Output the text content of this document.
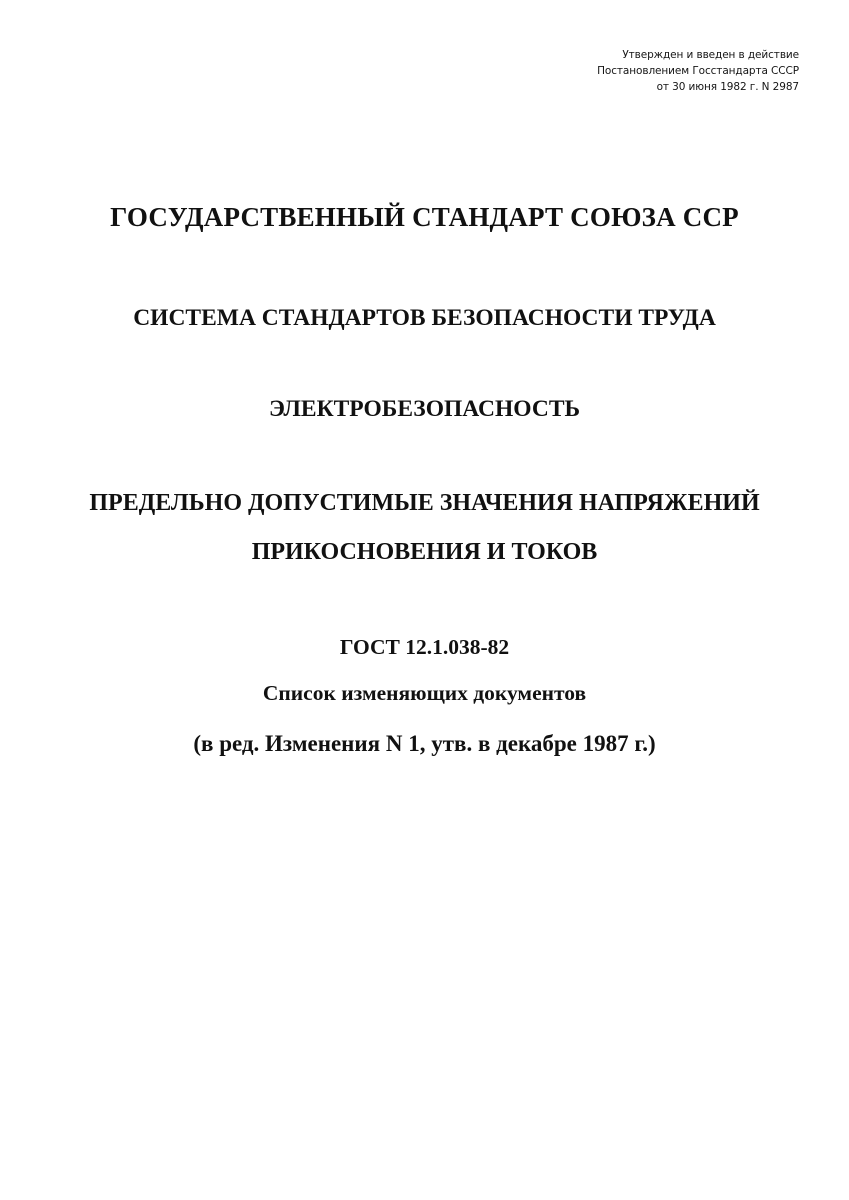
Утвержден и введен в действие
Постановлением Госстандарта СССР
от 30 июня 1982 г. N 2987
ГОСУДАРСТВЕННЫЙ СТАНДАРТ СОЮЗА ССР
СИСТЕМА СТАНДАРТОВ БЕЗОПАСНОСТИ ТРУДА
ЭЛЕКТРОБЕЗОПАСНОСТЬ
ПРЕДЕЛЬНО ДОПУСТИМЫЕ ЗНАЧЕНИЯ НАПРЯЖЕНИЙ
ПРИКОСНОВЕНИЯ И ТОКОВ
ГОСТ 12.1.038-82
Список изменяющих документов
(в ред. Изменения N 1, утв. в декабре 1987 г.)
